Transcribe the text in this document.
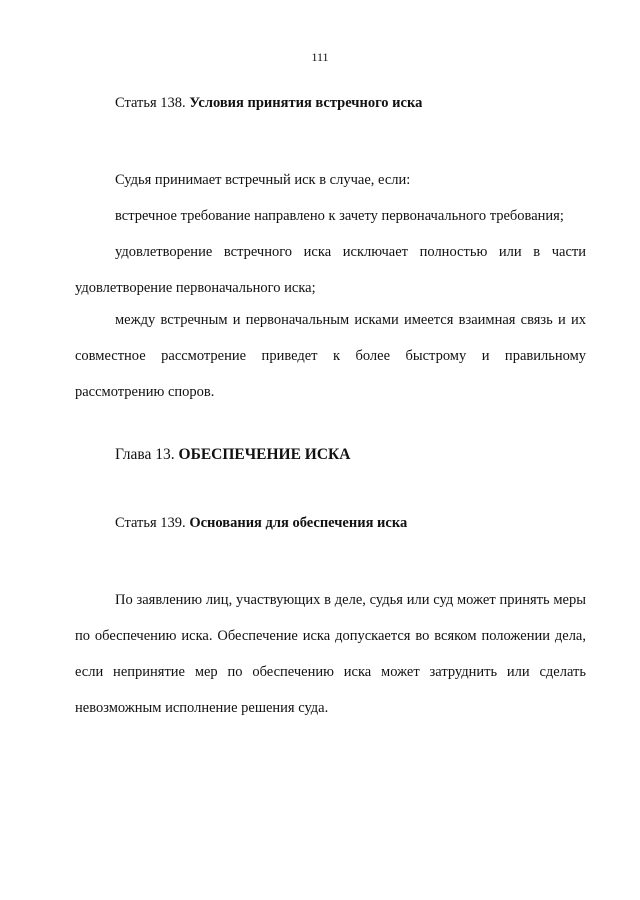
111
Статья 138. Условия принятия встречного иска

Судья принимает встречный иск в случае, если:

встречное требование направлено к зачету первоначального требования;

удовлетворение встречного иска исключает полностью или в части удовлетворение первоначального иска;

между встречным и первоначальным исками имеется взаимная связь и их совместное рассмотрение приведет к более быстрому и правильному рассмотрению споров.

Глава 13. ОБЕСПЕЧЕНИЕ ИСКА
Статья 139. Основания для обеспечения иска

По заявлению лиц, участвующих в деле, судья или суд может принять меры по обеспечению иска. Обеспечение иска допускается во всяком положении дела, если непринятие мер по обеспечению иска может затруднить или сделать невозможным исполнение решения суда.
